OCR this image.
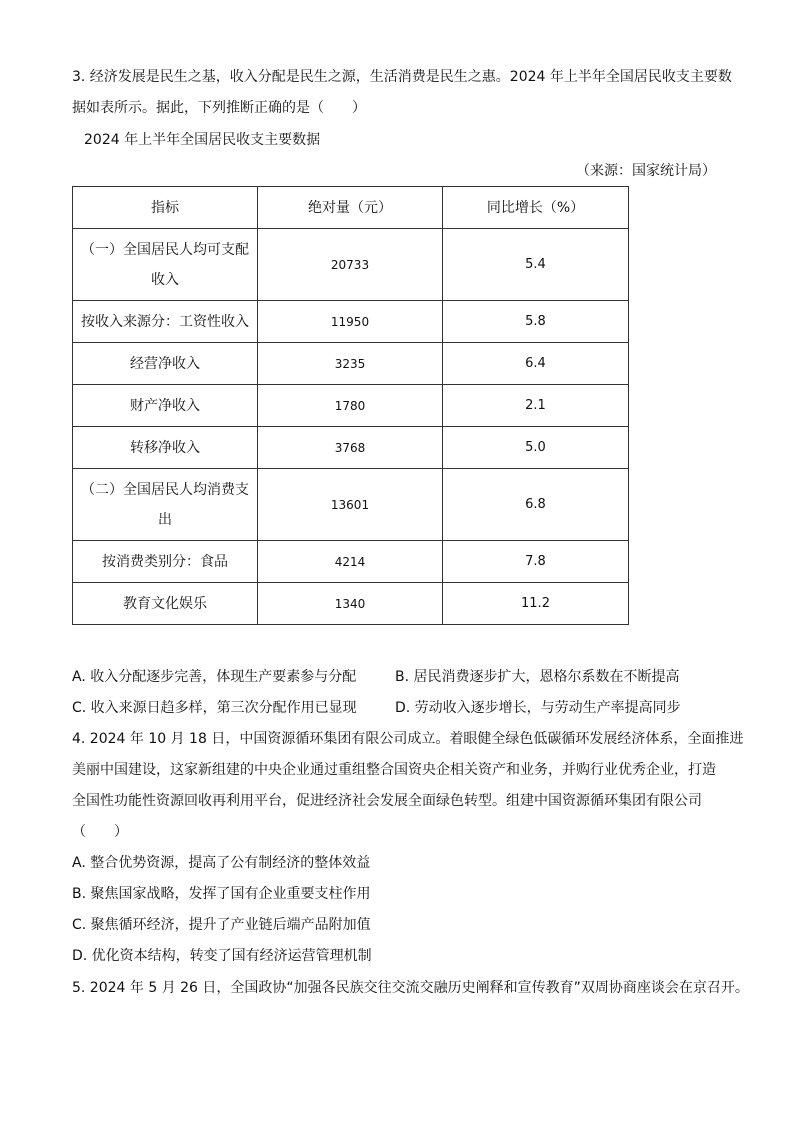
3. 经济发展是民生之基，收入分配是民生之源，生活消费是民生之惠。2024 年上半年全国居民收支主要数
据如表所示。据此，下列推断正确的是（　　）
2024 年上半年全国居民收支主要数据
（来源：国家统计局）
指标	绝对量（元）	同比增长（%）

（一）全国居民人均可支配
收入	20733	5.4
按收入来源分：工资性收入	11950	5.8
经营净收入	3235	6.4
财产净收入	1780	2.1
转移净收入	3768	5.0

（二）全国居民人均消费支
出	13601	6.8
按消费类别分：食品	4214	7.8
教育文化娱乐	1340	11.2
A. 收入分配逐步完善，体现生产要素参与分配	B. 居民消费逐步扩大，恩格尔系数在不断提高
C. 收入来源日趋多样，第三次分配作用已显现	D. 劳动收入逐步增长，与劳动生产率提高同步
4. 2024 年 10 月 18 日，中国资源循环集团有限公司成立。着眼健全绿色低碳循环发展经济体系，全面推进
美丽中国建设，这家新组建的中央企业通过重组整合国资央企相关资产和业务，并购行业优秀企业，打造
全国性功能性资源回收再利用平台，促进经济社会发展全面绿色转型。组建中国资源循环集团有限公司
（　　）
A. 整合优势资源，提高了公有制经济的整体效益
B. 聚焦国家战略，发挥了国有企业重要支柱作用
C. 聚焦循环经济，提升了产业链后端产品附加值
D. 优化资本结构，转变了国有经济运营管理机制
5. 2024 年 5 月 26 日，全国政协“加强各民族交往交流交融历史阐释和宣传教育”双周协商座谈会在京召开。
